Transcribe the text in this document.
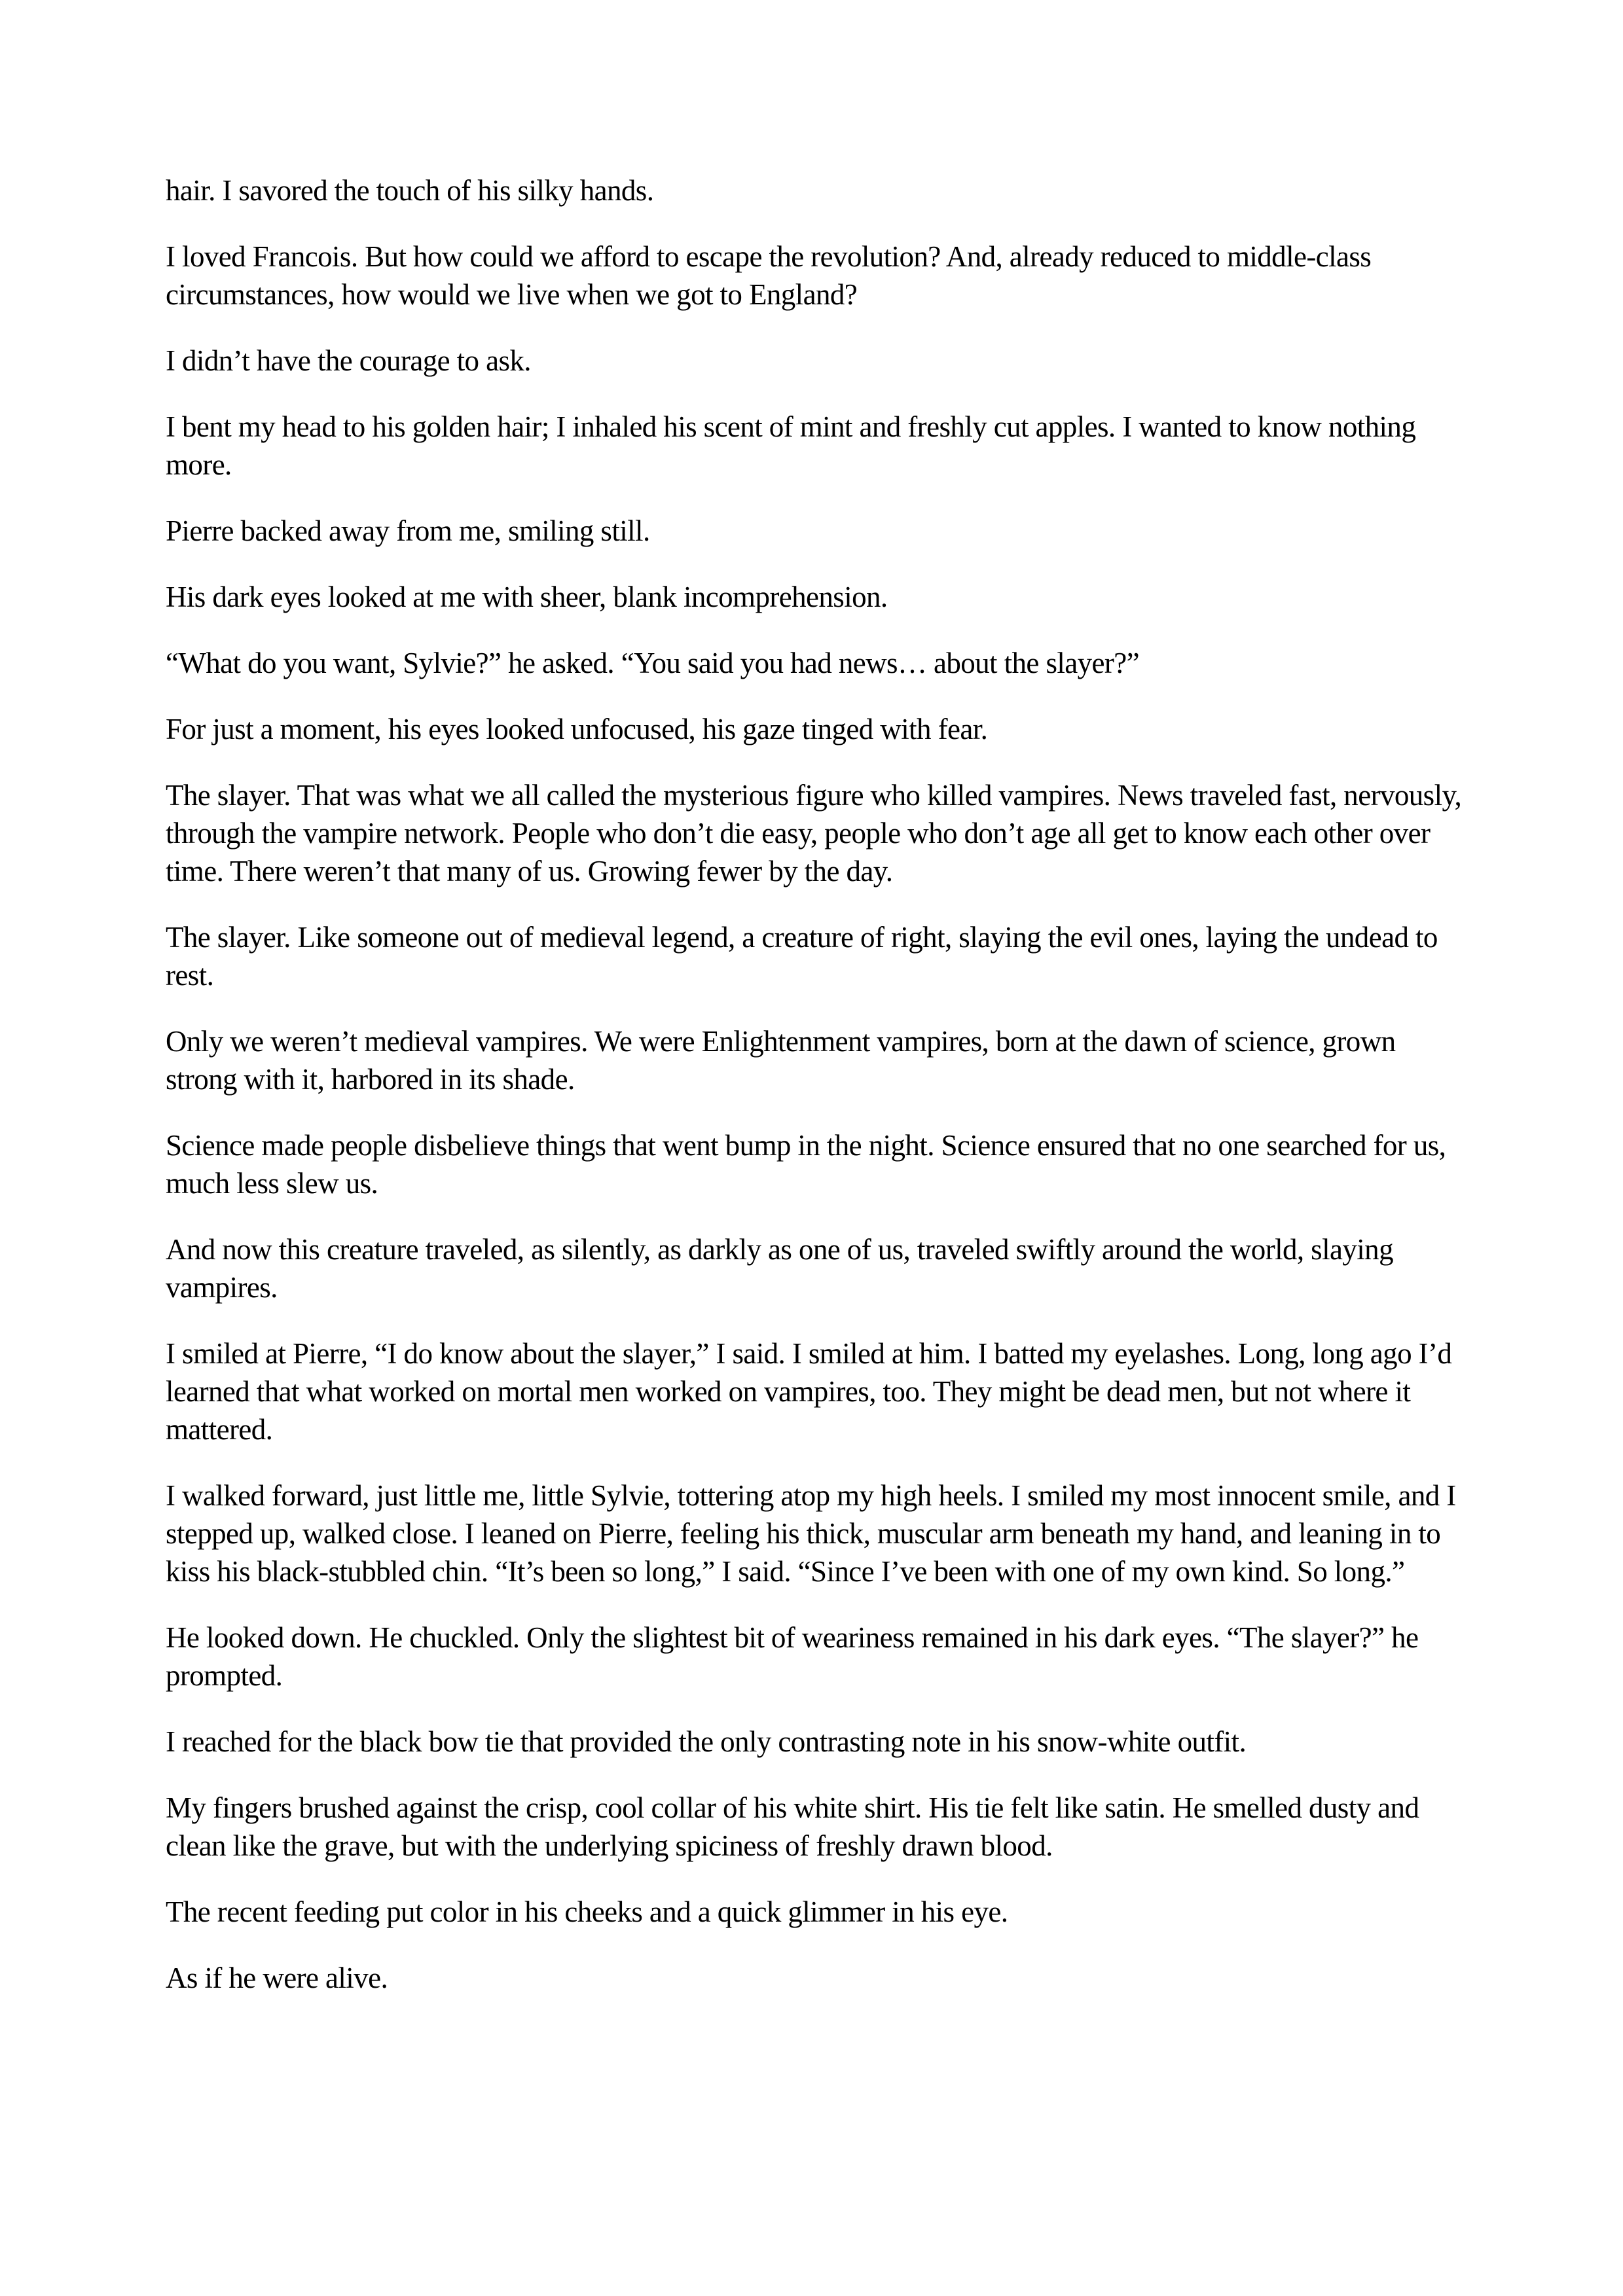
hair. I savored the touch of his silky hands.

I loved Francois. But how could we afford to escape the revolution? And, already reduced to middle-class circumstances, how would we live when we got to England?

I didn’t have the courage to ask.

I bent my head to his golden hair; I inhaled his scent of mint and freshly cut apples. I wanted to know nothing more.

Pierre backed away from me, smiling still.

His dark eyes looked at me with sheer, blank incomprehension.

“What do you want, Sylvie?” he asked. “You said you had news… about the slayer?”

For just a moment, his eyes looked unfocused, his gaze tinged with fear.

The slayer. That was what we all called the mysterious figure who killed vampires. News traveled fast, nervously, through the vampire network. People who don’t die easy, people who don’t age all get to know each other over time. There weren’t that many of us. Growing fewer by the day.

The slayer. Like someone out of medieval legend, a creature of right, slaying the evil ones, laying the undead to rest.

Only we weren’t medieval vampires. We were Enlightenment vampires, born at the dawn of science, grown strong with it, harbored in its shade.

Science made people disbelieve things that went bump in the night. Science ensured that no one searched for us, much less slew us.

And now this creature traveled, as silently, as darkly as one of us, traveled swiftly around the world, slaying vampires.

I smiled at Pierre, “I do know about the slayer,” I said. I smiled at him. I batted my eyelashes. Long, long ago I’d learned that what worked on mortal men worked on vampires, too. They might be dead men, but not where it mattered.

I walked forward, just little me, little Sylvie, tottering atop my high heels. I smiled my most innocent smile, and I stepped up, walked close. I leaned on Pierre, feeling his thick, muscular arm beneath my hand, and leaning in to kiss his black-stubbled chin. “It’s been so long,” I said. “Since I’ve been with one of my own kind. So long.”

He looked down. He chuckled. Only the slightest bit of weariness remained in his dark eyes. “The slayer?” he prompted.

I reached for the black bow tie that provided the only contrasting note in his snow-white outfit.

My fingers brushed against the crisp, cool collar of his white shirt. His tie felt like satin. He smelled dusty and clean like the grave, but with the underlying spiciness of freshly drawn blood.

The recent feeding put color in his cheeks and a quick glimmer in his eye.

As if he were alive.
